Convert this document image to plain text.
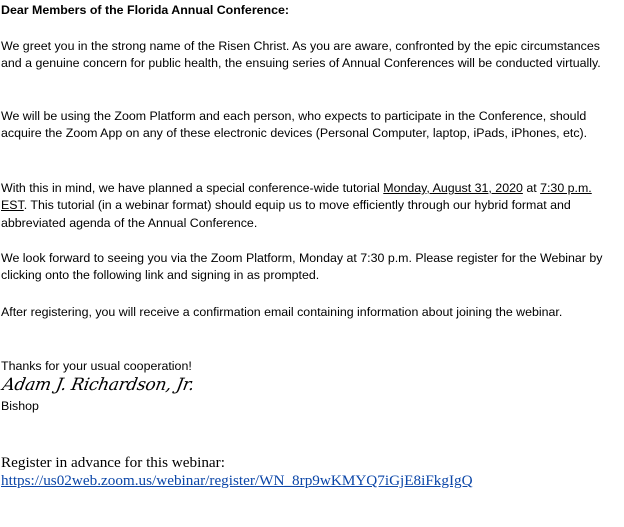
Dear Members of the Florida Annual Conference:

We greet you in the strong name of the Risen Christ. As you are aware, confronted by the epic circumstances and a genuine concern for public health, the ensuing series of Annual Conferences will be conducted virtually.

We will be using the Zoom Platform and each person, who expects to participate in the Conference, should acquire the Zoom App on any of these electronic devices (Personal Computer, laptop, iPads, iPhones, etc).

With this in mind, we have planned a special conference-wide tutorial Monday, August 31, 2020 at 7:30 p.m. EST. This tutorial (in a webinar format) should equip us to move efficiently through our hybrid format and abbreviated agenda of the Annual Conference.

We look forward to seeing you via the Zoom Platform, Monday at 7:30 p.m. Please register for the Webinar by clicking onto the following link and signing in as prompted.

After registering, you will receive a confirmation email containing information about joining the webinar.

Thanks for your usual cooperation!

Adam J. Richardson, Jr.

Bishop

Register in advance for this webinar:
https://us02web.zoom.us/webinar/register/WN_8rp9wKMYQ7iGjE8iFkgIgQ
